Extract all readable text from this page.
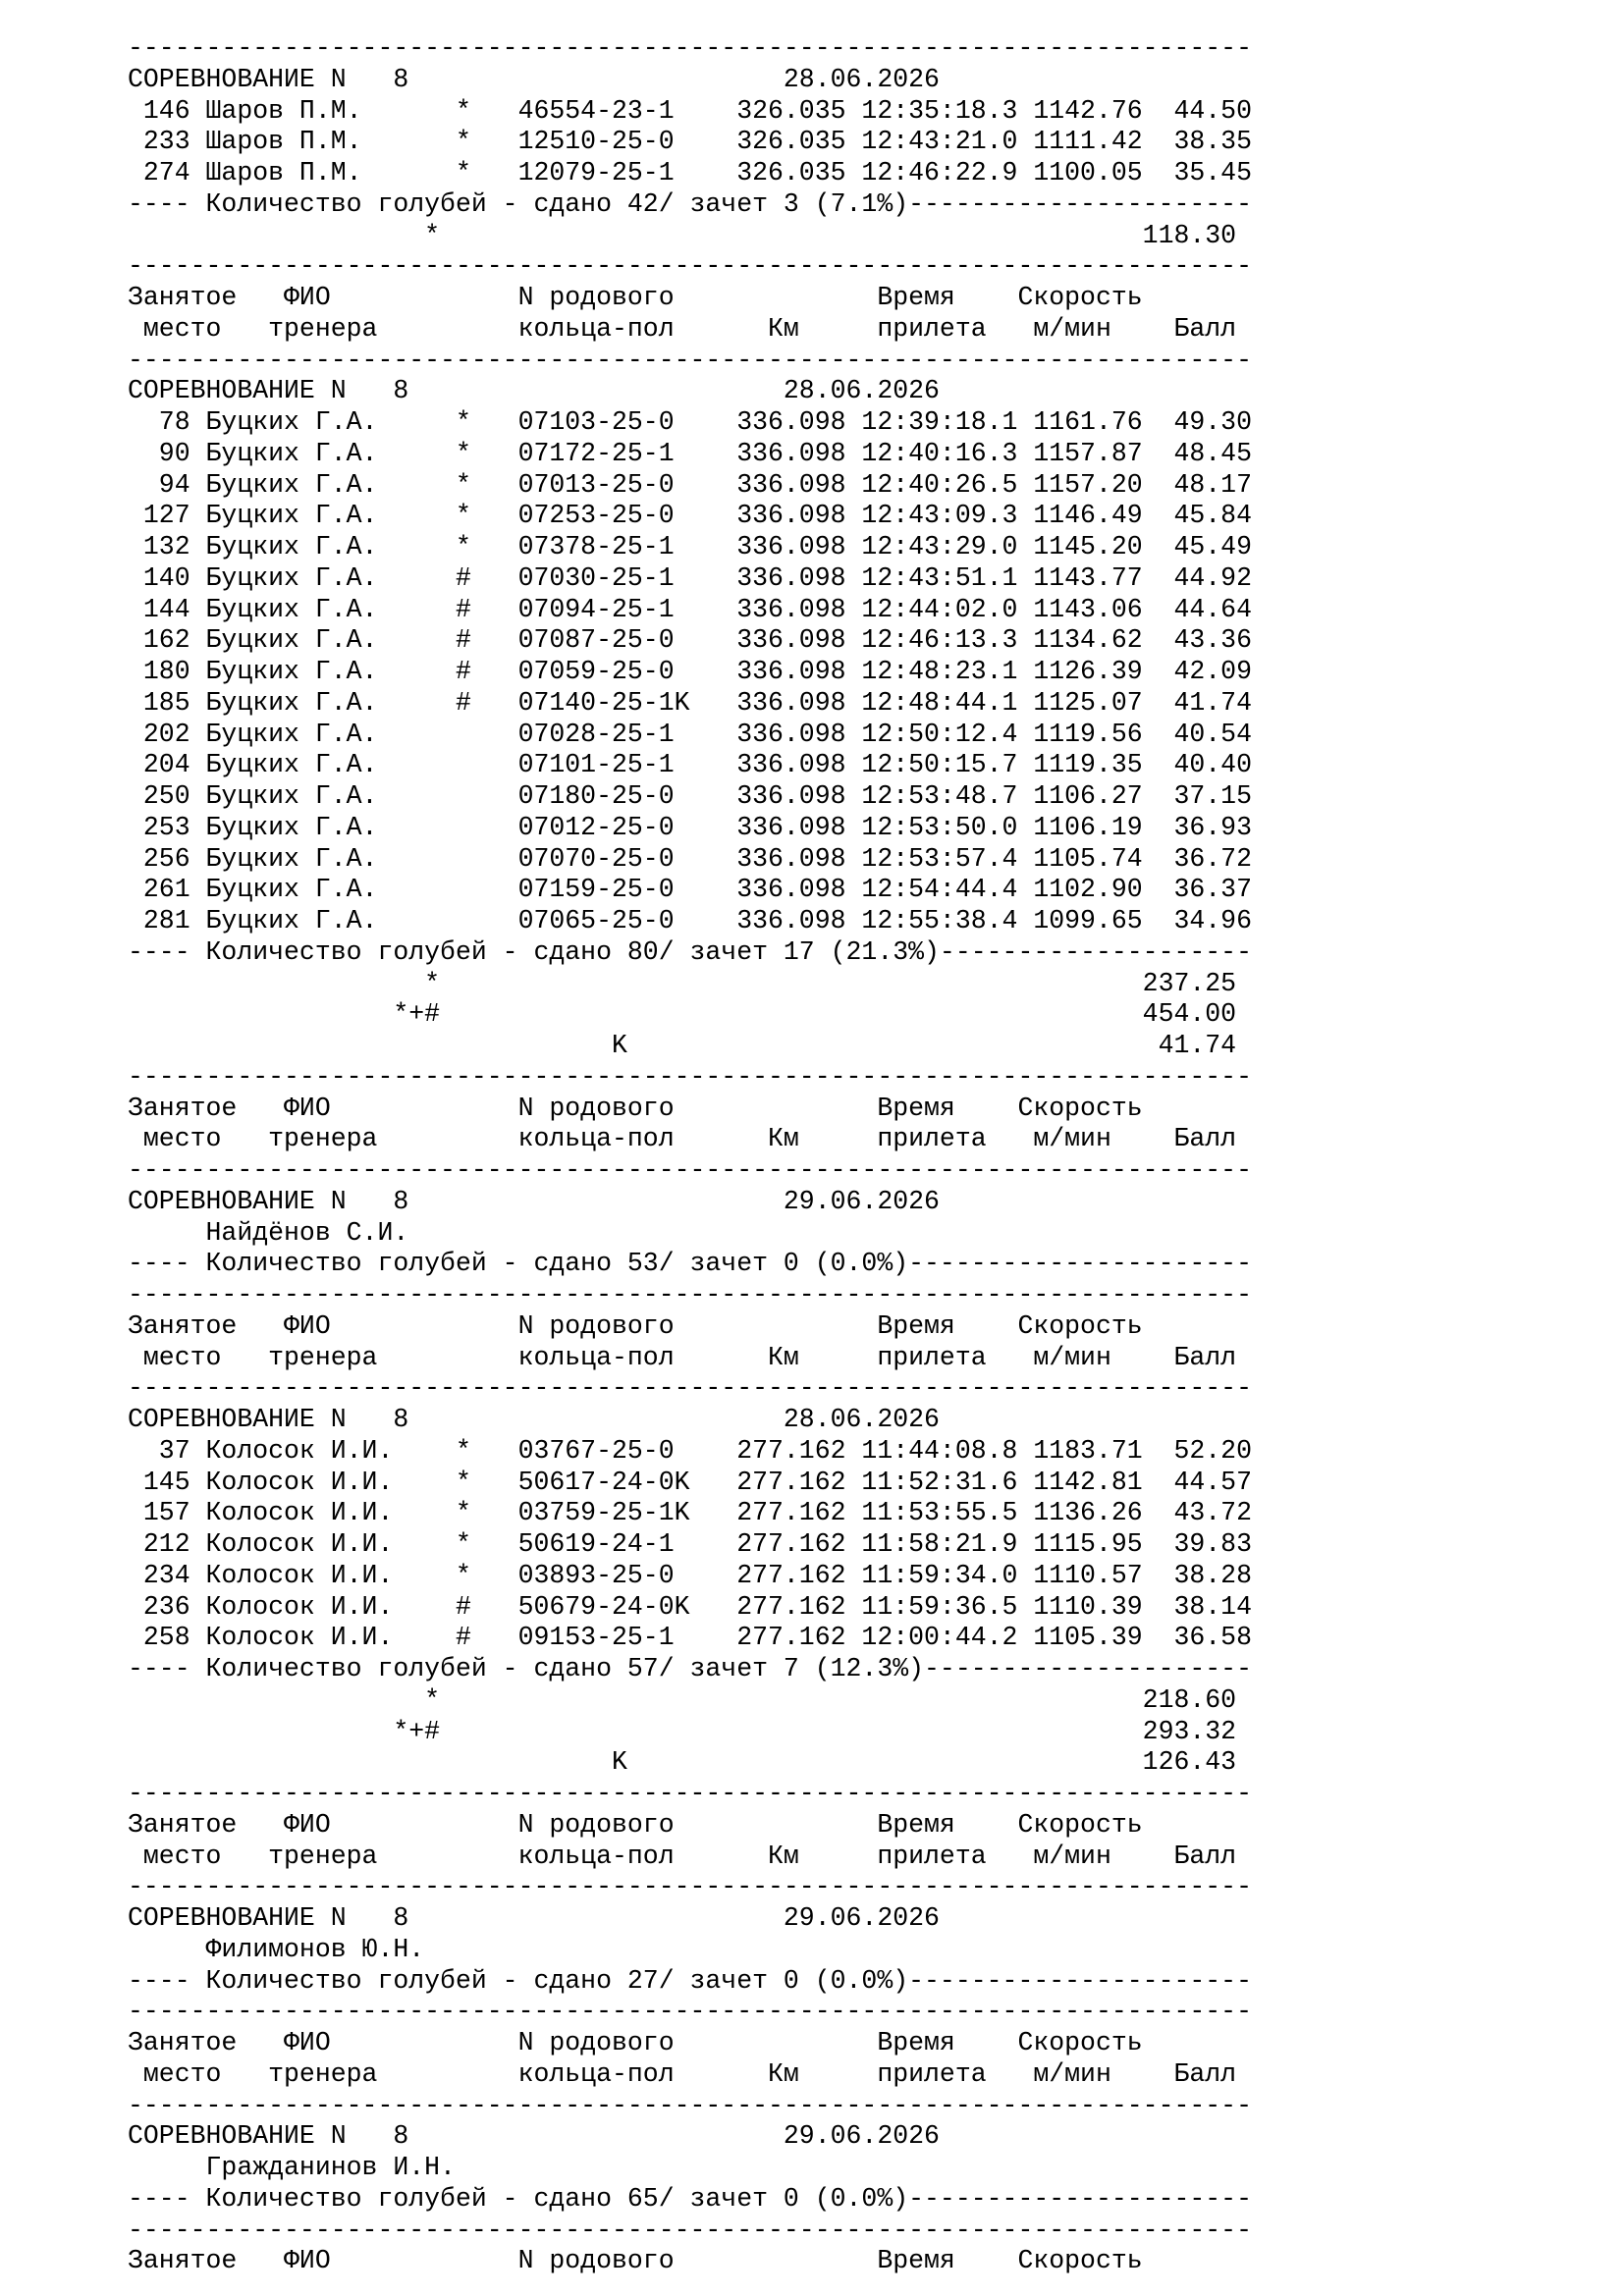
------------------------------------------------------------------------
СОРЕВНОВАНИЕ N   8                        28.06.2026
146 Шаров П.М.      *   46554-23-1    326.035 12:35:18.3 1142.76  44.50
233 Шаров П.М.      *   12510-25-0    326.035 12:43:21.0 1111.42  38.35
274 Шаров П.М.      *   12079-25-1    326.035 12:46:22.9 1100.05  35.45
---- Количество голубей - сдано 42/ зачет 3 (7.1%)----------------------
*                                             118.30
------------------------------------------------------------------------
Занятое   ФИО            N родового             Время    Скорость
место   тренера         кольца-пол      Км     прилета   м/мин    Балл
------------------------------------------------------------------------
СОРЕВНОВАНИЕ N   8                        28.06.2026
78 Буцких Г.А.     *   07103-25-0    336.098 12:39:18.1 1161.76  49.30
90 Буцких Г.А.     *   07172-25-1    336.098 12:40:16.3 1157.87  48.45
94 Буцких Г.А.     *   07013-25-0    336.098 12:40:26.5 1157.20  48.17
127 Буцких Г.А.     *   07253-25-0    336.098 12:43:09.3 1146.49  45.84
132 Буцких Г.А.     *   07378-25-1    336.098 12:43:29.0 1145.20  45.49
140 Буцких Г.А.     #   07030-25-1    336.098 12:43:51.1 1143.77  44.92
144 Буцких Г.А.     #   07094-25-1    336.098 12:44:02.0 1143.06  44.64
162 Буцких Г.А.     #   07087-25-0    336.098 12:46:13.3 1134.62  43.36
180 Буцких Г.А.     #   07059-25-0    336.098 12:48:23.1 1126.39  42.09
185 Буцких Г.А.     #   07140-25-1K   336.098 12:48:44.1 1125.07  41.74
202 Буцких Г.А.         07028-25-1    336.098 12:50:12.4 1119.56  40.54
204 Буцких Г.А.         07101-25-1    336.098 12:50:15.7 1119.35  40.40
250 Буцких Г.А.         07180-25-0    336.098 12:53:48.7 1106.27  37.15
253 Буцких Г.А.         07012-25-0    336.098 12:53:50.0 1106.19  36.93
256 Буцких Г.А.         07070-25-0    336.098 12:53:57.4 1105.74  36.72
261 Буцких Г.А.         07159-25-0    336.098 12:54:44.4 1102.90  36.37
281 Буцких Г.А.         07065-25-0    336.098 12:55:38.4 1099.65  34.96
---- Количество голубей - сдано 80/ зачет 17 (21.3%)--------------------
*                                             237.25
*+#                                             454.00
K                                  41.74
------------------------------------------------------------------------
Занятое   ФИО            N родового             Время    Скорость
место   тренера         кольца-пол      Км     прилета   м/мин    Балл
------------------------------------------------------------------------
СОРЕВНОВАНИЕ N   8                        29.06.2026
Найдёнов С.И.
---- Количество голубей - сдано 53/ зачет 0 (0.0%)----------------------
------------------------------------------------------------------------
Занятое   ФИО            N родового             Время    Скорость
место   тренера         кольца-пол      Км     прилета   м/мин    Балл
------------------------------------------------------------------------
СОРЕВНОВАНИЕ N   8                        28.06.2026
37 Колосок И.И.    *   03767-25-0    277.162 11:44:08.8 1183.71  52.20
145 Колосок И.И.    *   50617-24-0K   277.162 11:52:31.6 1142.81  44.57
157 Колосок И.И.    *   03759-25-1K   277.162 11:53:55.5 1136.26  43.72
212 Колосок И.И.    *   50619-24-1    277.162 11:58:21.9 1115.95  39.83
234 Колосок И.И.    *   03893-25-0    277.162 11:59:34.0 1110.57  38.28
236 Колосок И.И.    #   50679-24-0K   277.162 11:59:36.5 1110.39  38.14
258 Колосок И.И.    #   09153-25-1    277.162 12:00:44.2 1105.39  36.58
---- Количество голубей - сдано 57/ зачет 7 (12.3%)---------------------
*                                             218.60
*+#                                             293.32
K                                 126.43
------------------------------------------------------------------------
Занятое   ФИО            N родового             Время    Скорость
место   тренера         кольца-пол      Км     прилета   м/мин    Балл
------------------------------------------------------------------------
СОРЕВНОВАНИЕ N   8                        29.06.2026
Филимонов Ю.Н.
---- Количество голубей - сдано 27/ зачет 0 (0.0%)----------------------
------------------------------------------------------------------------
Занятое   ФИО            N родового             Время    Скорость
место   тренера         кольца-пол      Км     прилета   м/мин    Балл
------------------------------------------------------------------------
СОРЕВНОВАНИЕ N   8                        29.06.2026
Гражданинов И.Н.
---- Количество голубей - сдано 65/ зачет 0 (0.0%)----------------------
------------------------------------------------------------------------
Занятое   ФИО            N родового             Время    Скорость
